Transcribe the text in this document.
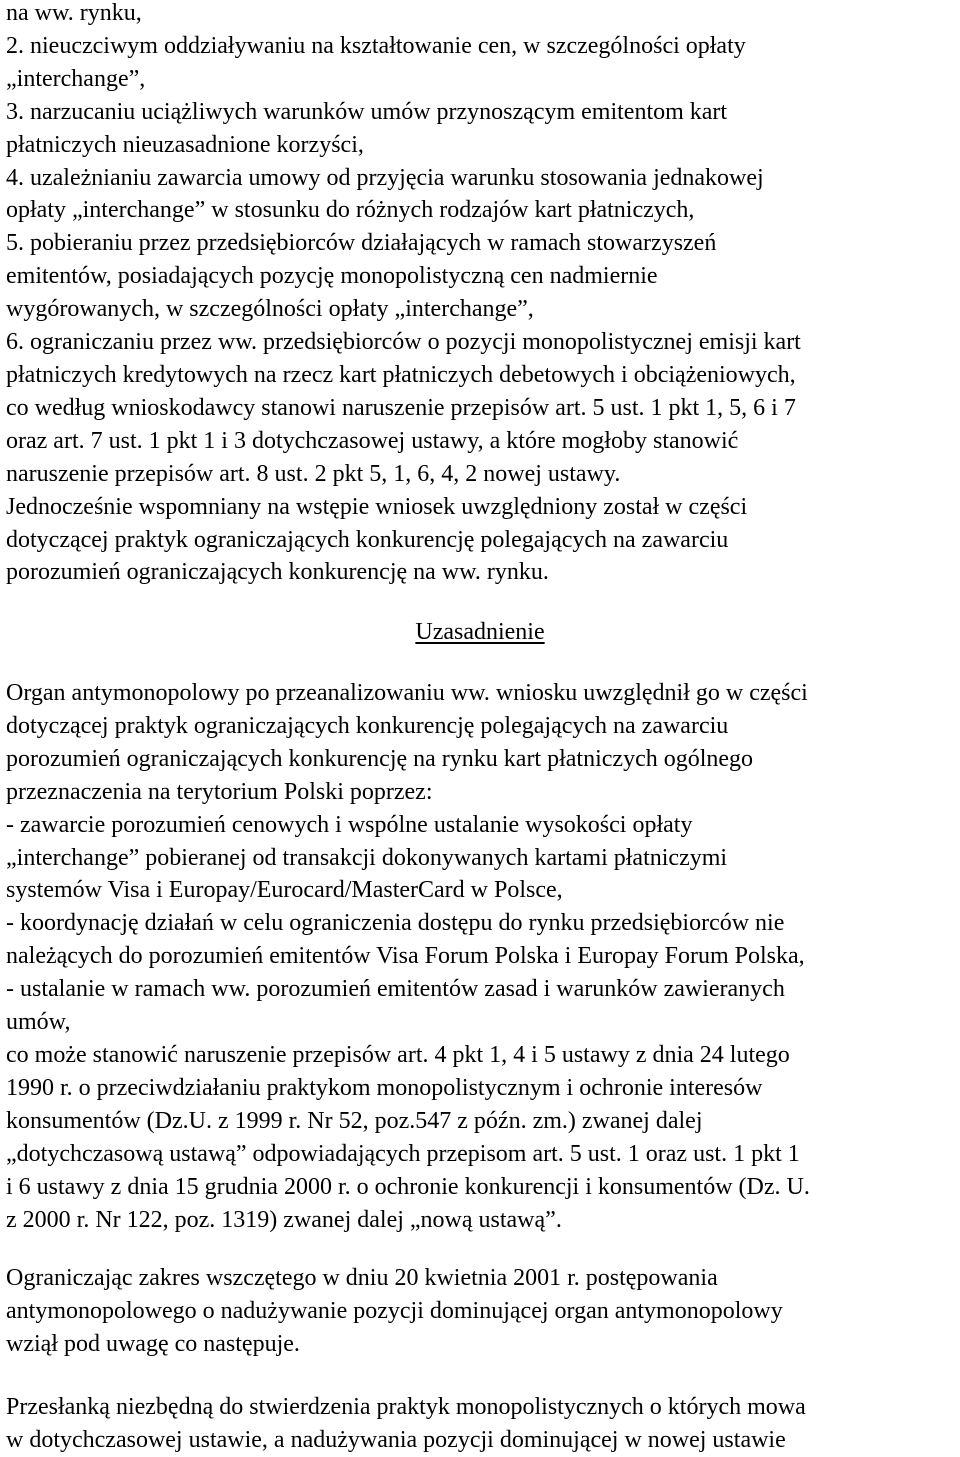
na ww. rynku,
2. nieuczciwym oddziaływaniu na kształtowanie cen, w szczególności opłaty
„interchange”,
3. narzucaniu uciążliwych warunków umów przynoszącym emitentom kart
płatniczych nieuzasadnione korzyści,
4. uzależnianiu zawarcia umowy od przyjęcia warunku stosowania jednakowej
opłaty „interchange” w stosunku do różnych rodzajów kart płatniczych,
5. pobieraniu przez przedsiębiorców działających w ramach stowarzyszeń
emitentów, posiadających pozycję monopolistyczną cen nadmiernie
wygórowanych, w szczególności opłaty „interchange”,
6. ograniczaniu przez ww. przedsiębiorców o pozycji monopolistycznej emisji kart
płatniczych kredytowych na rzecz kart płatniczych debetowych i obciążeniowych,
co według wnioskodawcy stanowi naruszenie przepisów art. 5 ust. 1 pkt 1, 5, 6 i 7
oraz art. 7 ust. 1 pkt 1 i 3 dotychczasowej ustawy, a które mogłoby stanowić
naruszenie przepisów art. 8 ust. 2 pkt 5, 1, 6, 4, 2 nowej ustawy.
Jednocześnie wspomniany na wstępie wniosek uwzględniony został w części
dotyczącej praktyk ograniczających konkurencję polegających na zawarciu
porozumień ograniczających konkurencję na ww. rynku.
Uzasadnienie
Organ antymonopolowy po przeanalizowaniu ww. wniosku uwzględnił go w części
dotyczącej praktyk ograniczających konkurencję polegających na zawarciu
porozumień ograniczających konkurencję na rynku kart płatniczych ogólnego
przeznaczenia na terytorium Polski poprzez:
- zawarcie porozumień cenowych i wspólne ustalanie wysokości opłaty
„interchange” pobieranej od transakcji dokonywanych kartami płatniczymi
systemów Visa i Europay/Eurocard/MasterCard w Polsce,
- koordynację działań w celu ograniczenia dostępu do rynku przedsiębiorców nie
należących do porozumień emitentów Visa Forum Polska i Europay Forum Polska,
- ustalanie w ramach ww. porozumień emitentów zasad i warunków zawieranych
umów,
co może stanowić naruszenie przepisów art. 4 pkt 1, 4 i 5 ustawy z dnia 24 lutego
1990 r. o przeciwdziałaniu praktykom monopolistycznym i ochronie interesów
konsumentów (Dz.U. z 1999 r. Nr 52, poz.547 z późn. zm.) zwanej dalej
„dotychczasową ustawą” odpowiadających przepisom art. 5 ust. 1 oraz ust. 1 pkt 1
i 6 ustawy z dnia 15 grudnia 2000 r. o ochronie konkurencji i konsumentów (Dz. U.
z 2000 r. Nr 122, poz. 1319) zwanej dalej „nową ustawą”.
Ograniczając zakres wszczętego w dniu 20 kwietnia 2001 r. postępowania
antymonopolowego o nadużywanie pozycji dominującej organ antymonopolowy
wziął pod uwagę co następuje.
Przesłanką niezbędną do stwierdzenia praktyk monopolistycznych o których mowa
w dotychczasowej ustawie, a nadużywania pozycji dominującej w nowej ustawie
